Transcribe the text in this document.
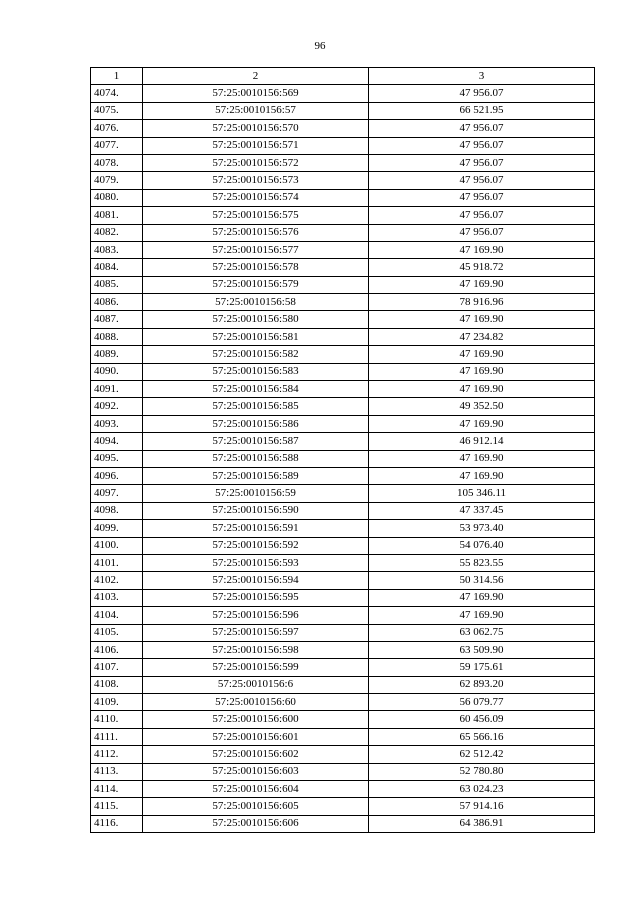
96
1	2	3
4074.	57:25:0010156:569	47 956.07
4075.	57:25:0010156:57	66 521.95
4076.	57:25:0010156:570	47 956.07
4077.	57:25:0010156:571	47 956.07
4078.	57:25:0010156:572	47 956.07
4079.	57:25:0010156:573	47 956.07
4080.	57:25:0010156:574	47 956.07
4081.	57:25:0010156:575	47 956.07
4082.	57:25:0010156:576	47 956.07
4083.	57:25:0010156:577	47 169.90
4084.	57:25:0010156:578	45 918.72
4085.	57:25:0010156:579	47 169.90
4086.	57:25:0010156:58	78 916.96
4087.	57:25:0010156:580	47 169.90
4088.	57:25:0010156:581	47 234.82
4089.	57:25:0010156:582	47 169.90
4090.	57:25:0010156:583	47 169.90
4091.	57:25:0010156:584	47 169.90
4092.	57:25:0010156:585	49 352.50
4093.	57:25:0010156:586	47 169.90
4094.	57:25:0010156:587	46 912.14
4095.	57:25:0010156:588	47 169.90
4096.	57:25:0010156:589	47 169.90
4097.	57:25:0010156:59	105 346.11
4098.	57:25:0010156:590	47 337.45
4099.	57:25:0010156:591	53 973.40
4100.	57:25:0010156:592	54 076.40
4101.	57:25:0010156:593	55 823.55
4102.	57:25:0010156:594	50 314.56
4103.	57:25:0010156:595	47 169.90
4104.	57:25:0010156:596	47 169.90
4105.	57:25:0010156:597	63 062.75
4106.	57:25:0010156:598	63 509.90
4107.	57:25:0010156:599	59 175.61
4108.	57:25:0010156:6	62 893.20
4109.	57:25:0010156:60	56 079.77
4110.	57:25:0010156:600	60 456.09
4111.	57:25:0010156:601	65 566.16
4112.	57:25:0010156:602	62 512.42
4113.	57:25:0010156:603	52 780.80
4114.	57:25:0010156:604	63 024.23
4115.	57:25:0010156:605	57 914.16
4116.	57:25:0010156:606	64 386.91
